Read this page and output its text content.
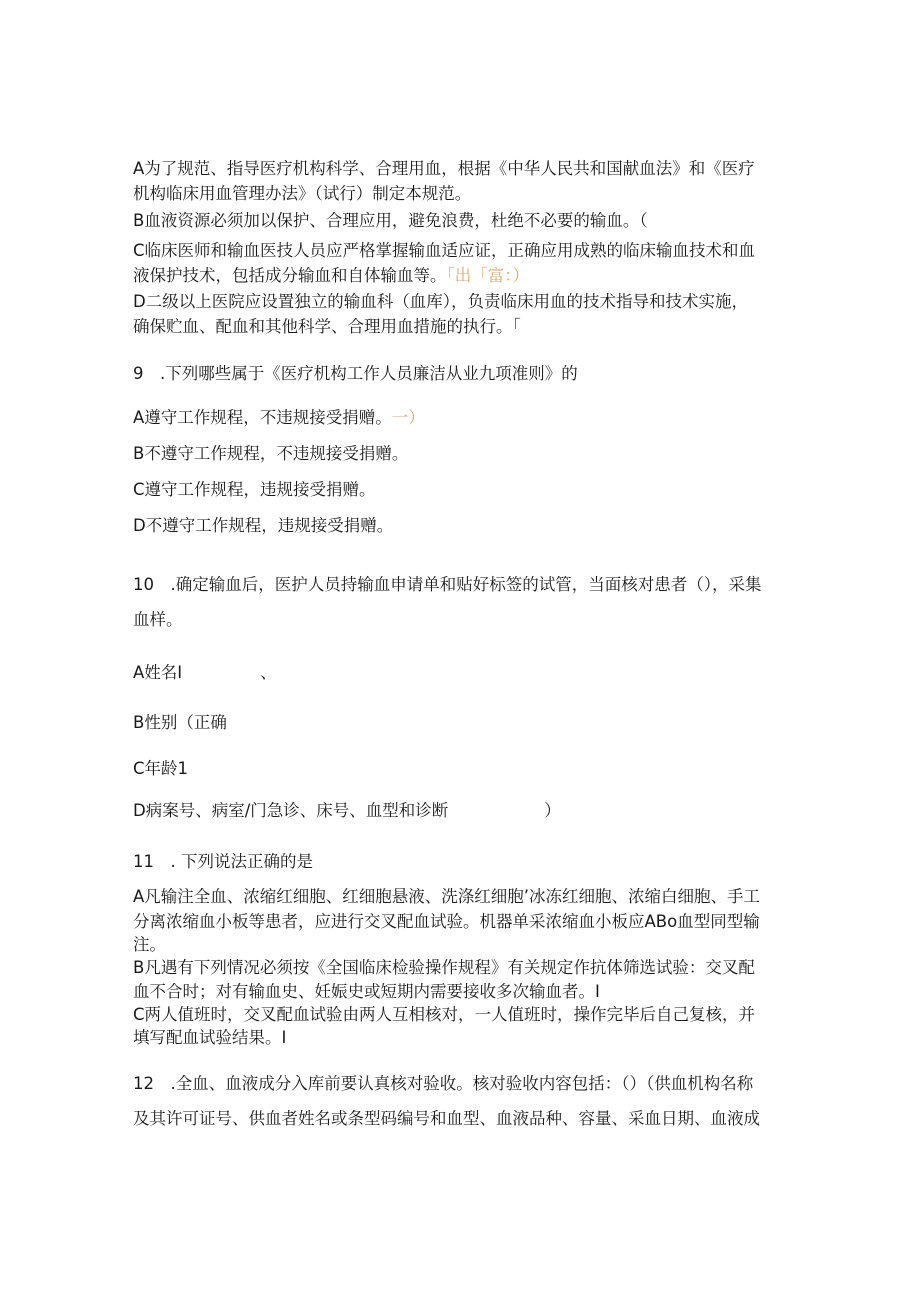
A为了规范、指导医疗机构科学、合理用血，根据《中华人民共和国献血法》和《医疗
机构临床用血管理办法》（试行）制定本规范。
B血液资源必须加以保护、合理应用，避免浪费，杜绝不必要的输血。（
C临床医师和输血医技人员应严格掌握输血适应证，正确应用成熟的临床输血技术和血
液保护技术，包括成分输血和自体输血等。「出「富：）
D二级以上医院应设置独立的输血科（血库），负责临床用血的技术指导和技术实施，
确保贮血、配血和其他科学、合理用血措施的执行。「
9　.下列哪些属于《医疗机构工作人员廉洁从业九项准则》的
A遵守工作规程，不违规接受捐赠。一）
B不遵守工作规程，不违规接受捐赠。
C遵守工作规程，违规接受捐赠。
D不遵守工作规程，违规接受捐赠。
10　.确定输血后，医护人员持输血申请单和贴好标签的试管，当面核对患者（），采集
血样。
A姓名I	、
B性别（正确
C年龄1
D病案号、病室/门急诊、床号、血型和诊断	）
11　. 下列说法正确的是
A凡输注全血、浓缩红细胞、红细胞悬液、洗涤红细胞’冰冻红细胞、浓缩白细胞、手工
分离浓缩血小板等患者，应进行交叉配血试验。机器单采浓缩血小板应ABo血型同型输
注。
B凡遇有下列情况必须按《全国临床检验操作规程》有关规定作抗体筛选试验：交叉配
血不合时；对有输血史、妊娠史或短期内需要接收多次输血者。I
C两人值班时，交叉配血试验由两人互相核对，一人值班时，操作完毕后自己复核，并
填写配血试验结果。I
12　.全血、血液成分入库前要认真核对验收。核对验收内容包括：（）（供血机构名称
及其许可证号、供血者姓名或条型码编号和血型、血液品种、容量、采血日期、血液成
